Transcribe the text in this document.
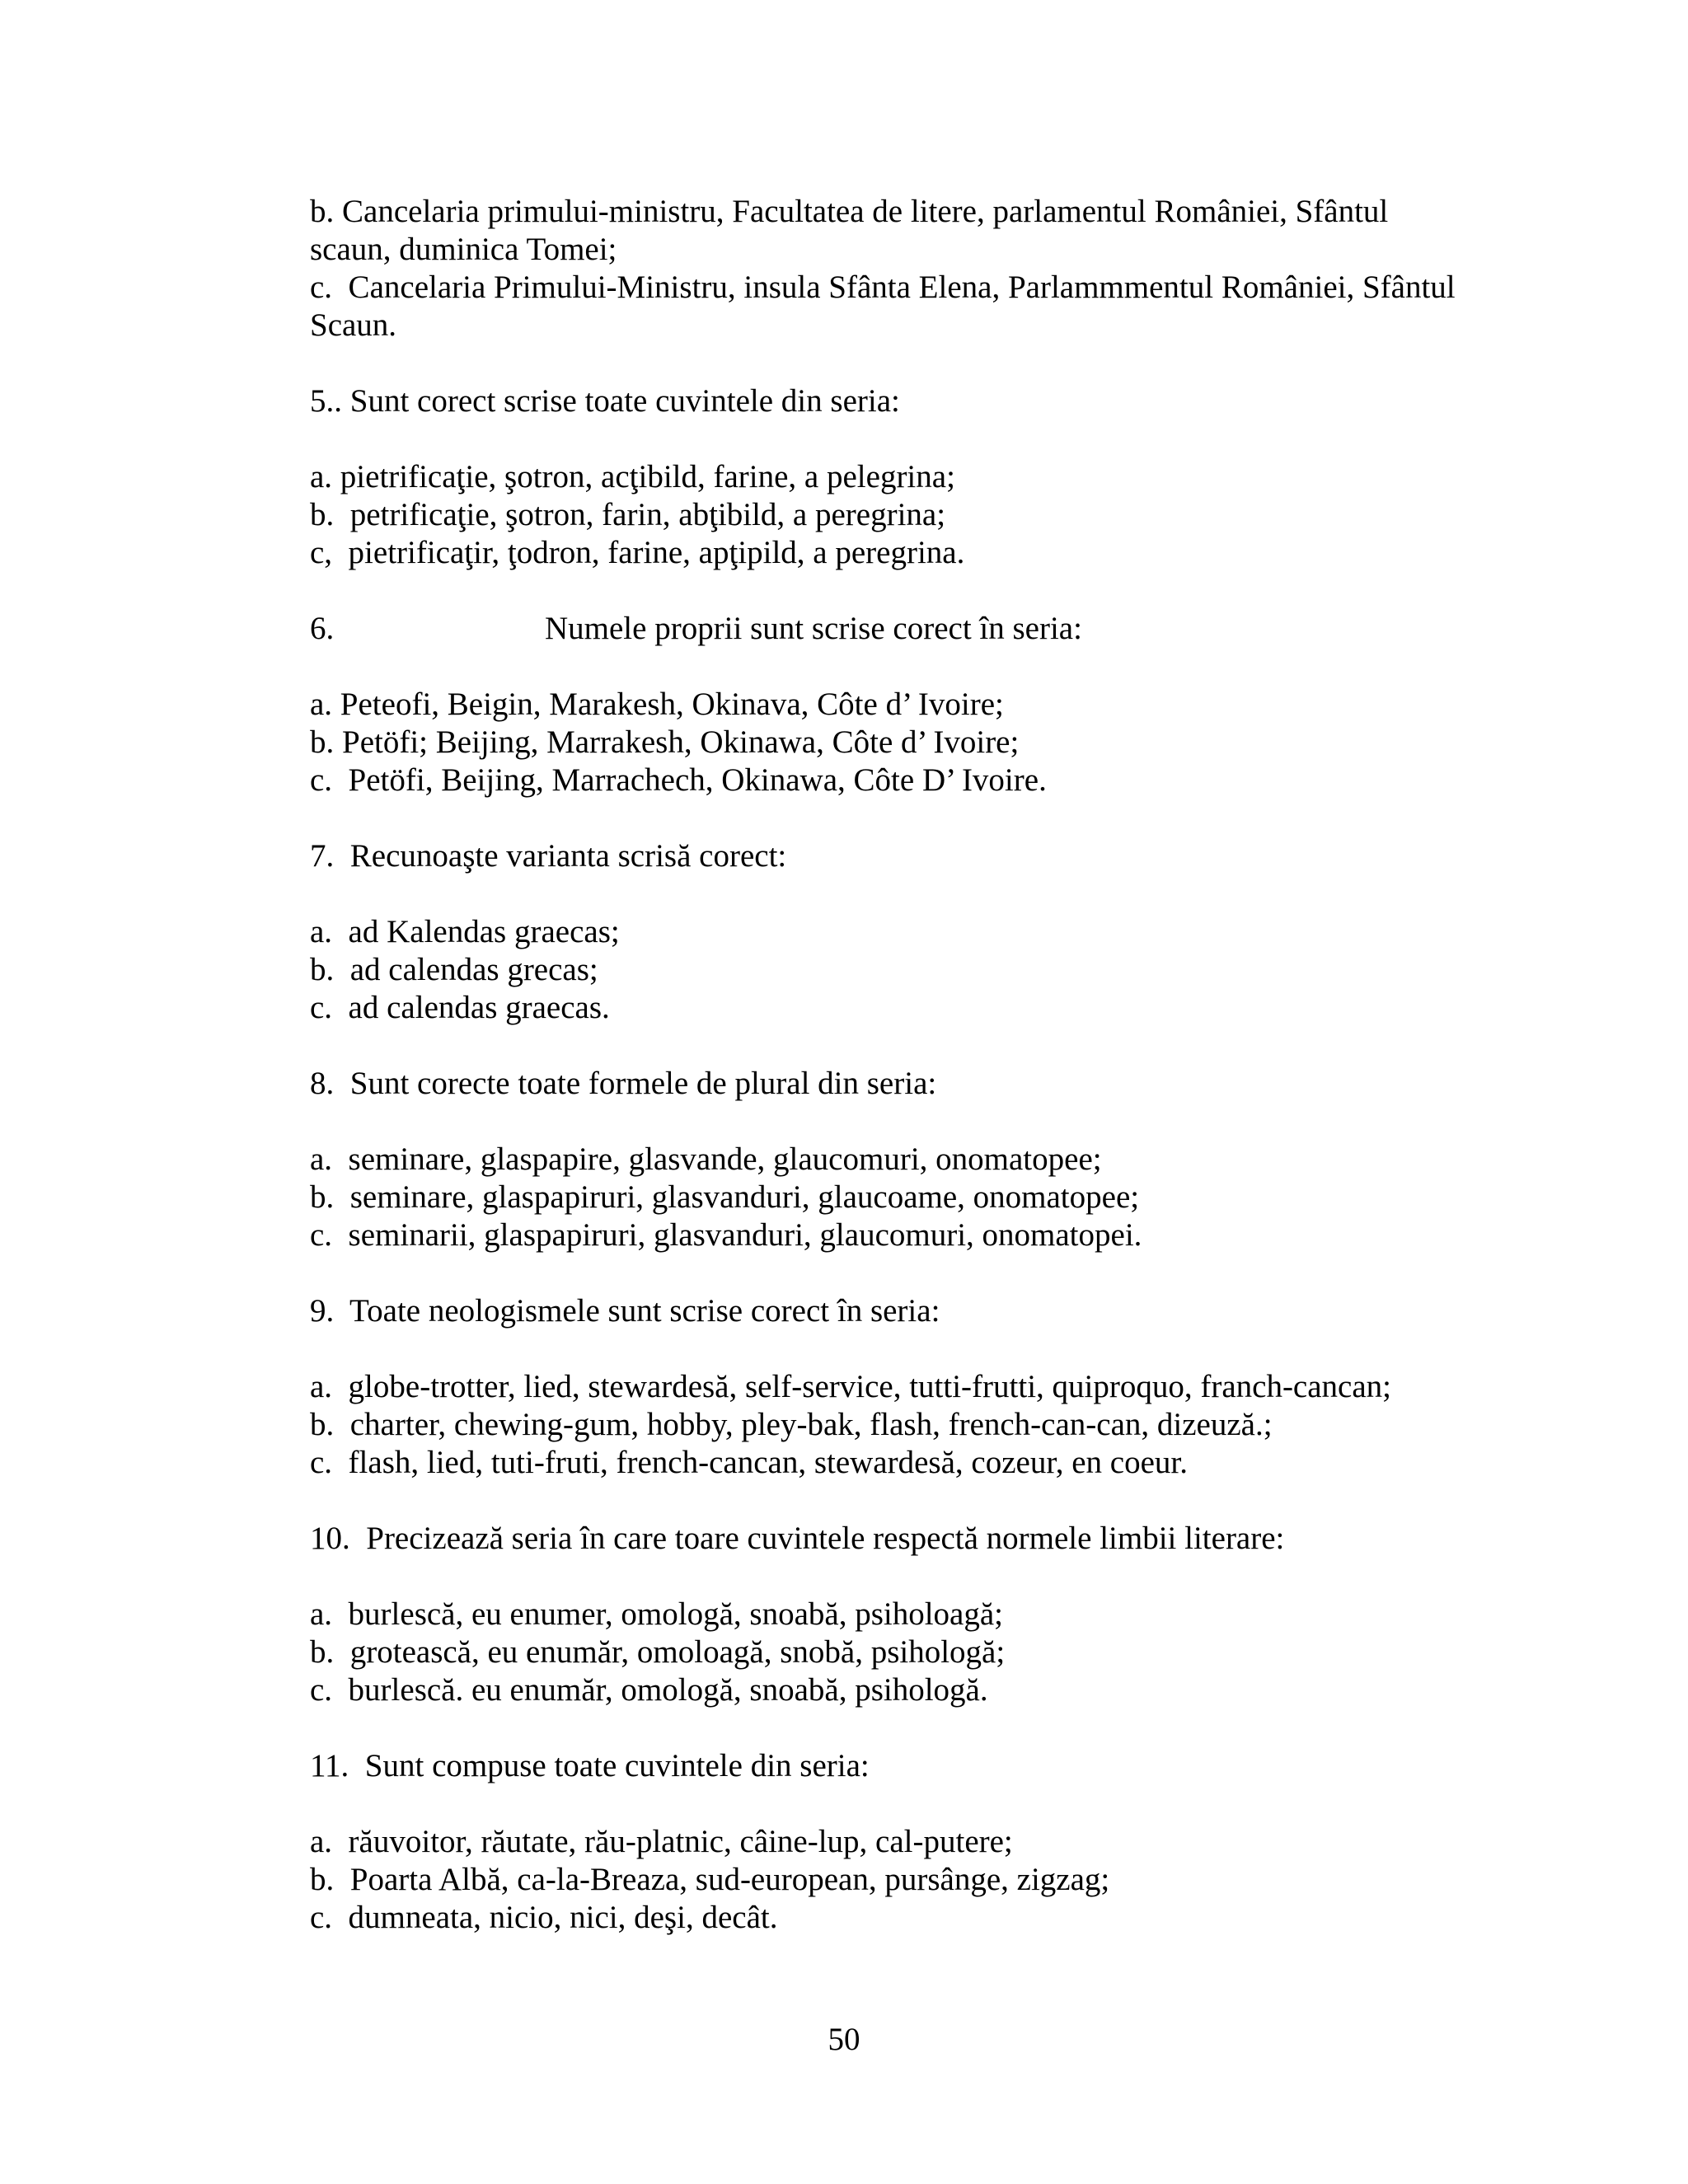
b. Cancelaria primului-ministru, Facultatea de litere, parlamentul României, Sfântul
scaun, duminica Tomei;
c.  Cancelaria Primului-Ministru, insula Sfânta Elena, Parlammmentul României, Sfântul
Scaun.
5.. Sunt corect scrise toate cuvintele din seria:
a. pietrificaţie, şotron, acţibild, farine, a pelegrina;
b.  petrificaţie, şotron, farin, abţibild, a peregrina;
c,  pietrificaţir, ţodron, farine, apţipild, a peregrina.
6.	Numele proprii sunt scrise corect în seria:
a. Peteofi, Beigin, Marakesh, Okinava, Côte d’ Ivoire;
b. Petöfi; Beijing, Marrakesh, Okinawa, Côte d’ Ivoire;
c.  Petöfi, Beijing, Marrachech, Okinawa, Côte D’ Ivoire.
7.  Recunoaşte varianta scrisă corect:
a.  ad Kalendas graecas;
b.  ad calendas grecas;
c.  ad calendas graecas.
8.  Sunt corecte toate formele de plural din seria:
a.  seminare, glaspapire, glasvande, glaucomuri, onomatopee;
b.  seminare, glaspapiruri, glasvanduri, glaucoame, onomatopee;
c.  seminarii, glaspapiruri, glasvanduri, glaucomuri, onomatopei.
9.  Toate neologismele sunt scrise corect în seria:
a.  globe-trotter, lied, stewardesă, self-service, tutti-frutti, quiproquo, franch-cancan;
b.  charter, chewing-gum, hobby, pley-bak, flash, french-can-can, dizeuză.;
c.  flash, lied, tuti-fruti, french-cancan, stewardesă, cozeur, en coeur.
10.  Precizează seria în care toare cuvintele respectă normele limbii literare:
a.  burlescă, eu enumer, omologă, snoabă, psiholoagă;
b.  grotească, eu enumăr, omoloagă, snobă, psihologă;
c.  burlescă. eu enumăr, omologă, snoabă, psihologă.
11.  Sunt compuse toate cuvintele din seria:
a.  răuvoitor, răutate, rău-platnic, câine-lup, cal-putere;
b.  Poarta Albă, ca-la-Breaza, sud-european, pursânge, zigzag;
c.  dumneata, nicio, nici, deşi, decât.
50
